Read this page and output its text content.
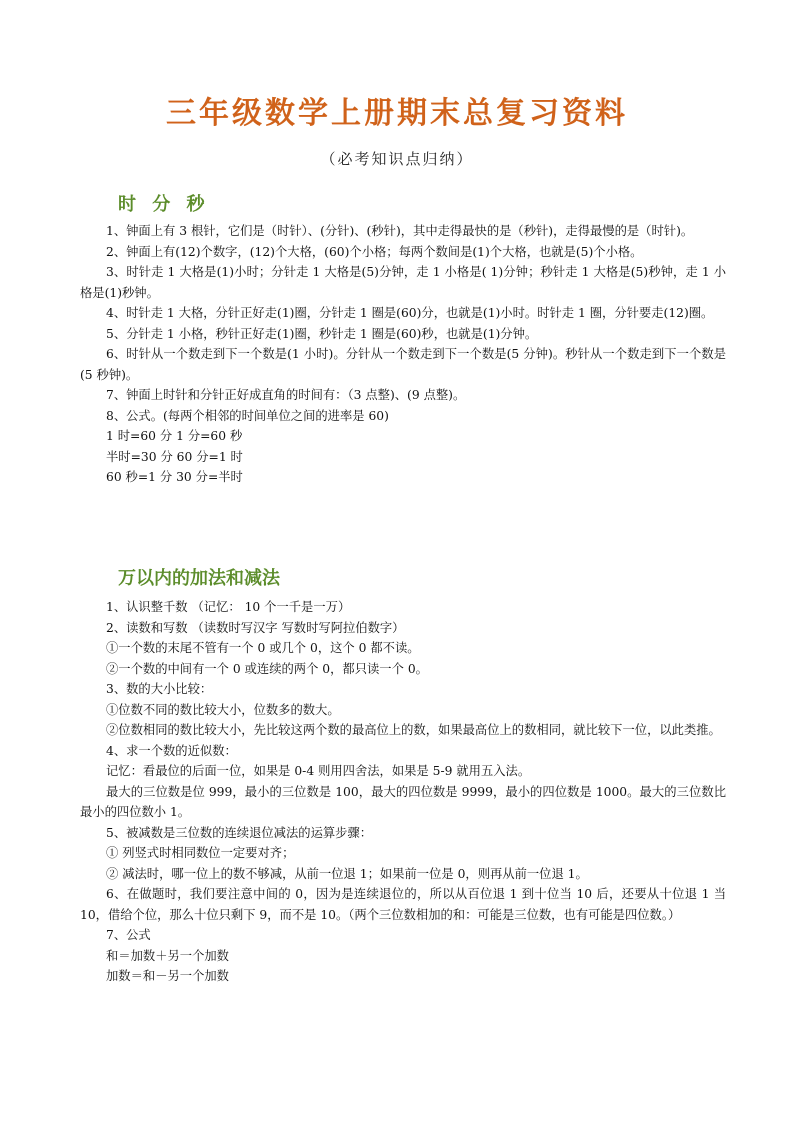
三年级数学上册期末总复习资料
（必考知识点归纳）
时 分 秒

1、钟面上有 3 根针，它们是（时针）、(分针)、(秒针)，其中走得最快的是（秒针)，走得最慢的是（时针)。

2、钟面上有(12)个数字，(12)个大格，(60)个小格；每两个数间是(1)个大格，也就是(5)个小格。

3、时针走 1 大格是(1)小时；分针走 1 大格是(5)分钟，走 1 小格是( 1)分钟；秒针走 1 大格是(5)秒钟，走 1 小格是(1)秒钟。

4、时针走 1 大格，分针正好走(1)圈，分针走 1 圈是(60)分，也就是(1)小时。时针走 1 圈，分针要走(12)圈。

5、分针走 1 小格，秒针正好走(1)圈，秒针走 1 圈是(60)秒，也就是(1)分钟。

6、时针从一个数走到下一个数是(1 小时)。分针从一个数走到下一个数是(5 分钟)。秒针从一个数走到下一个数是(5 秒钟)。

7、钟面上时针和分针正好成直角的时间有：（3 点整)、(9 点整)。

8、公式。(每两个相邻的时间单位之间的进率是 60)

1 时=60 分 1 分=60 秒

半时=30 分 60 分=1 时

60 秒=1 分 30 分=半时

万以内的加法和减法

1、认识整千数 （记忆： 10 个一千是一万）

2、读数和写数 （读数时写汉字 写数时写阿拉伯数字）

①一个数的末尾不管有一个 0 或几个 0，这个 0 都不读。

②一个数的中间有一个 0 或连续的两个 0，都只读一个 0。

3、数的大小比较：

①位数不同的数比较大小，位数多的数大。

②位数相同的数比较大小，先比较这两个数的最高位上的数，如果最高位上的数相同，就比较下一位，以此类推。

4、求一个数的近似数：

记忆：看最位的后面一位，如果是 0-4 则用四舍法，如果是 5-9 就用五入法。

最大的三位数是位 999，最小的三位数是 100，最大的四位数是 9999，最小的四位数是 1000。最大的三位数比最小的四位数小 1。

5、被减数是三位数的连续退位减法的运算步骤：

① 列竖式时相同数位一定要对齐；

② 减法时，哪一位上的数不够减，从前一位退 1；如果前一位是 0，则再从前一位退 1。

6、在做题时，我们要注意中间的 0，因为是连续退位的，所以从百位退 1 到十位当 10 后，还要从十位退 1 当 10，借给个位，那么十位只剩下 9，而不是 10。（两个三位数相加的和：可能是三位数，也有可能是四位数。）

7、公式

和＝加数＋另一个加数

加数＝和－另一个加数
